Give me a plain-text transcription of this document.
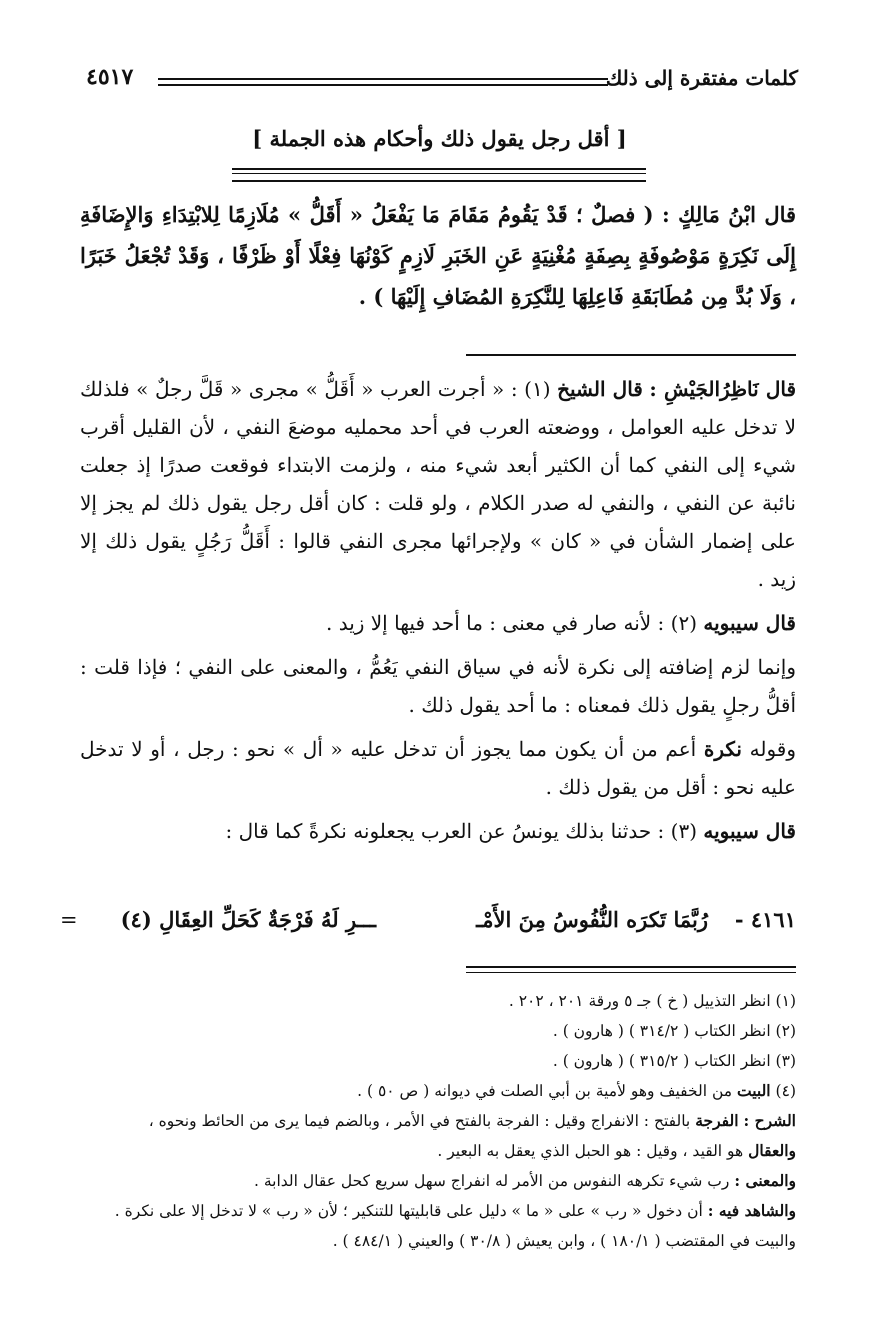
كلمات مفتقرة إلى ذلك
٤٥١٧
[ أقل رجل يقول ذلك وأحكام هذه الجملة ]
قال ابْنُ مَالِكٍ : ( فصلٌ ؛ قَدْ يَقُومُ مَقَامَ مَا يَفْعَلُ « أَقَلُّ » مُلَازِمًا لِلابْتِدَاءِ وَالإِضَافَةِ إِلَى نَكِرَةٍ مَوْصُوفَةٍ بِصِفَةٍ مُغْنِيَةٍ عَنِ الخَبَرِ لَازِمٍ كَوْنُهَا فِعْلًا أَوْ ظَرْفًا ، وَقَدْ تُجْعَلُ خَبَرًا ، وَلَا بُدَّ مِن مُطَابَقَةِ فَاعِلِهَا لِلنَّكِرَةِ المُضَافِ إِلَيْهَا ) .

قال نَاظِرُالجَيْشِ : قال الشيخ (١) : « أجرت العرب « أَقَلُّ » مجرى « قَلَّ رجلٌ » فلذلك لا تدخل عليه العوامل ، ووضعته العرب في أحد محمليه موضعَ النفي ، لأن القليل أقرب شيء إلى النفي كما أن الكثير أبعد شيء منه ، ولزمت الابتداء فوقعت صدرًا إذ جعلت نائبة عن النفي ، والنفي له صدر الكلام ، ولو قلت : كان أقل رجل يقول ذلك لم يجز إلا على إضمار الشأن في « كان » ولإجرائها مجرى النفي قالوا : أَقَلُّ رَجُلٍ يقول ذلك إلا زيد .

قال سيبويه (٢) : لأنه صار في معنى : ما أحد فيها إلا زيد .

وإنما لزم إضافته إلى نكرة لأنه في سياق النفي يَعُمُّ ، والمعنى على النفي ؛ فإذا قلت : أقلُّ رجلٍ يقول ذلك فمعناه : ما أحد يقول ذلك .

وقوله نكرة أعم من أن يكون مما يجوز أن تدخل عليه « أل » نحو : رجل ، أو لا تدخل عليه نحو : أقل من يقول ذلك .

قال سيبويه (٣) : حدثنا بذلك يونسُ عن العرب يجعلونه نكرةً كما قال :

٤١٦١ -
رُبَّمَا تَكرَه النُّفُوسُ مِنَ الأَمْـ
ـــرِ لَهُ فَرْجَةٌ كَحَلِّ العِقَالِ (٤)
=

(١) انظر التذييل ( خ ) جـ ٥ ورقة ٢٠١ ، ٢٠٢ .

(٢) انظر الكتاب ( ٣١٤/٢ ) ( هارون ) .

(٣) انظر الكتاب ( ٣١٥/٢ ) ( هارون ) .

(٤) البيت من الخفيف وهو لأمية بن أبي الصلت في ديوانه ( ص ٥٠ ) .

الشرح : الفرجة بالفتح : الانفراج وقيل : الفرجة بالفتح في الأمر ، وبالضم فيما يرى من الحائط ونحوه ،

والعقال هو القيد ، وقيل : هو الحبل الذي يعقل به البعير .

والمعنى : رب شيء تكرهه النفوس من الأمر له انفراج سهل سريع كحل عقال الدابة .

والشاهد فيه : أن دخول « رب » على « ما » دليل على قابليتها للتنكير ؛ لأن « رب » لا تدخل إلا على نكرة . والبيت في المقتضب ( ١٨٠/١ ) ، وابن يعيش ( ٣٠/٨ ) والعيني ( ٤٨٤/١ ) .
